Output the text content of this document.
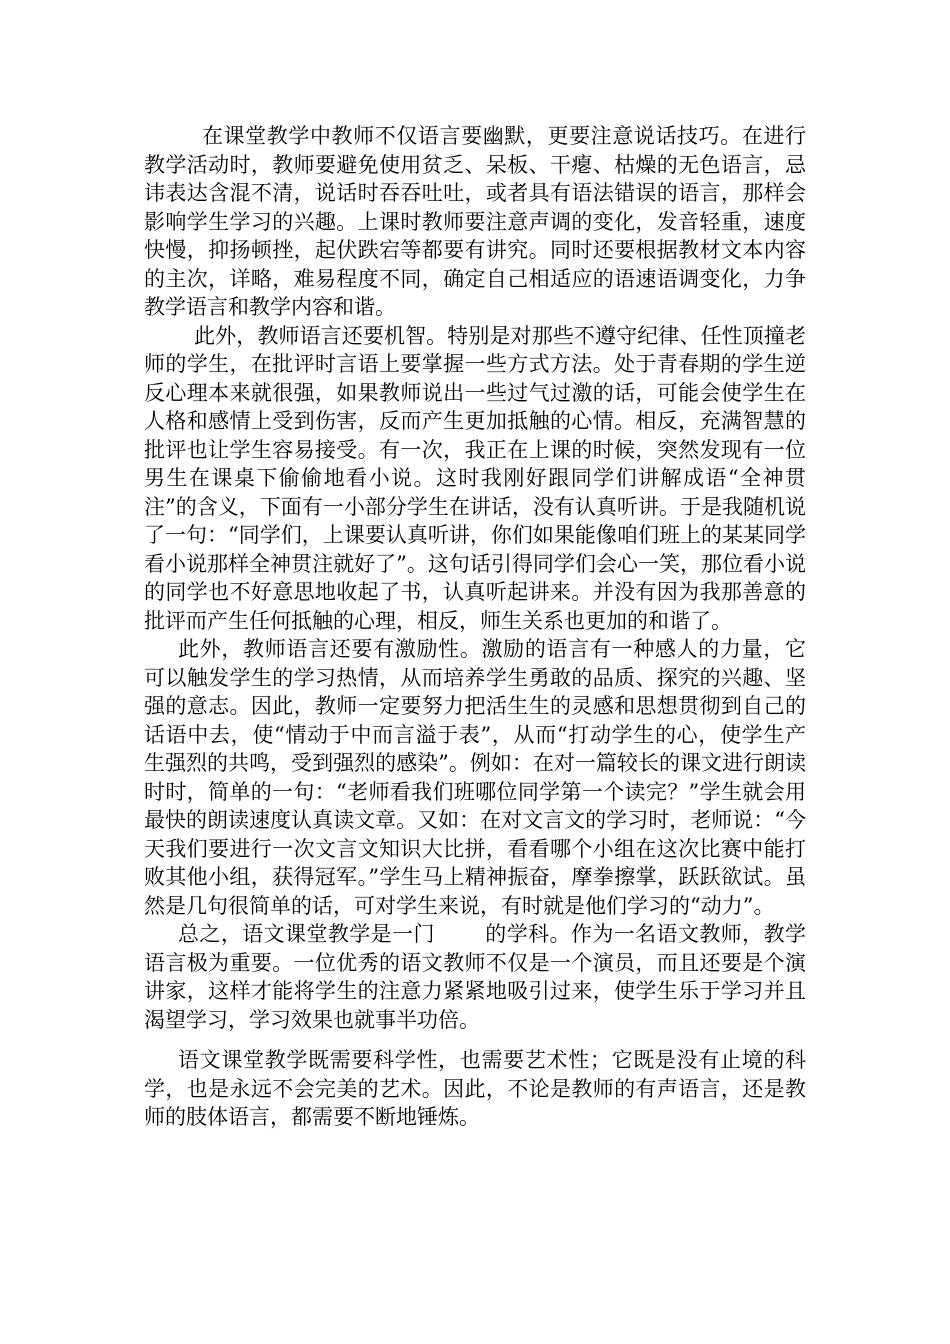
在课堂教学中教师不仅语言要幽默，更要注意说话技巧。在进行教学活动时，教师要避免使用贫乏、呆板、干瘪、枯燥的无色语言，忌讳表达含混不清，说话时吞吞吐吐，或者具有语法错误的语言，那样会影响学生学习的兴趣。上课时教师要注意声调的变化，发音轻重，速度快慢，抑扬顿挫，起伏跌宕等都要有讲究。同时还要根据教材文本内容的主次，详略，难易程度不同，确定自己相适应的语速语调变化，力争教学语言和教学内容和谐。

此外，教师语言还要机智。特别是对那些不遵守纪律、任性顶撞老师的学生，在批评时言语上要掌握一些方式方法。处于青春期的学生逆反心理本来就很强，如果教师说出一些过气过激的话，可能会使学生在人格和感情上受到伤害，反而产生更加抵触的心情。相反，充满智慧的批评也让学生容易接受。有一次，我正在上课的时候，突然发现有一位男生在课桌下偷偷地看小说。这时我刚好跟同学们讲解成语“全神贯注”的含义，下面有一小部分学生在讲话，没有认真听讲。于是我随机说了一句：“同学们，上课要认真听讲，你们如果能像咱们班上的某某同学看小说那样全神贯注就好了”。这句话引得同学们会心一笑，那位看小说的同学也不好意思地收起了书，认真听起讲来。并没有因为我那善意的批评而产生任何抵触的心理，相反，师生关系也更加的和谐了。

此外，教师语言还要有激励性。激励的语言有一种感人的力量，它可以触发学生的学习热情，从而培养学生勇敢的品质、探究的兴趣、坚强的意志。因此，教师一定要努力把活生生的灵感和思想贯彻到自己的话语中去，使“情动于中而言溢于表”，从而“打动学生的心，使学生产生强烈的共鸣，受到强烈的感染”。例如：在对一篇较长的课文进行朗读时时，简单的一句：“老师看我们班哪位同学第一个读完？”学生就会用最快的朗读速度认真读文章。又如：在对文言文的学习时，老师说：“今天我们要进行一次文言文知识大比拼，看看哪个小组在这次比赛中能打败其他小组，获得冠军。”学生马上精神振奋，摩拳擦掌，跃跃欲试。虽然是几句很简单的话，可对学生来说，有时就是他们学习的“动力”。

总之，语文课堂教学是一门 的学科。作为一名语文教师，教学语言极为重要。一位优秀的语文教师不仅是一个演员，而且还要是个演讲家，这样才能将学生的注意力紧紧地吸引过来，使学生乐于学习并且渴望学习，学习效果也就事半功倍。

语文课堂教学既需要科学性，也需要艺术性；它既是没有止境的科学，也是永远不会完美的艺术。因此，不论是教师的有声语言，还是教师的肢体语言，都需要不断地锤炼。
